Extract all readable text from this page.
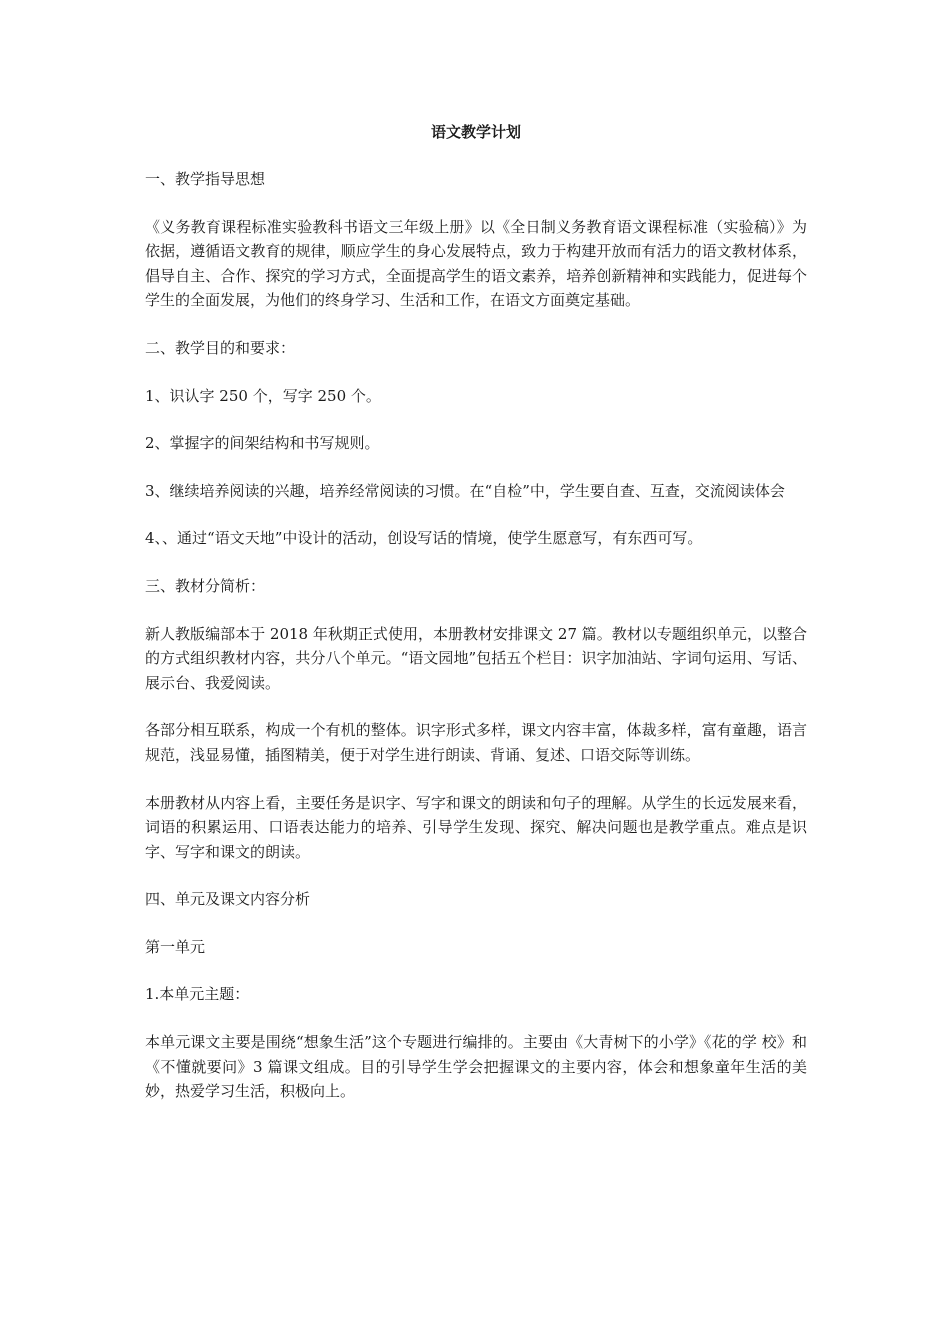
语文教学计划

一、教学指导思想

《义务教育课程标准实验教科书语文三年级上册》以《全日制义务教育语文课程标准（实验稿）》为依据，遵循语文教育的规律，顺应学生的身心发展特点，致力于构建开放而有活力的语文教材体系，倡导自主、合作、探究的学习方式，全面提高学生的语文素养，培养创新精神和实践能力，促进每个学生的全面发展，为他们的终身学习、生活和工作，在语文方面奠定基础。

二、教学目的和要求：

1、识认字 250 个，写字 250 个。

2、掌握字的间架结构和书写规则。

3、继续培养阅读的兴趣，培养经常阅读的习惯。在“自检”中，学生要自查、互查，交流阅读体会

4、、通过“语文天地”中设计的活动，创设写话的情境，使学生愿意写，有东西可写。

三、教材分简析：

新人教版编部本于 2018 年秋期正式使用，本册教材安排课文 27 篇。教材以专题组织单元，以整合的方式组织教材内容，共分八个单元。“语文园地”包括五个栏目：识字加油站、字词句运用、写话、展示台、我爱阅读。

各部分相互联系，构成一个有机的整体。识字形式多样，课文内容丰富，体裁多样，富有童趣，语言规范，浅显易懂，插图精美，便于对学生进行朗读、背诵、复述、口语交际等训练。

本册教材从内容上看，主要任务是识字、写字和课文的朗读和句子的理解。从学生的长远发展来看，词语的积累运用、口语表达能力的培养、引导学生发现、探究、解决问题也是教学重点。难点是识字、写字和课文的朗读。

四、单元及课文内容分析

第一单元

1.本单元主题：

本单元课文主要是围绕“想象生活”这个专题进行编排的。主要由《大青树下的小学》《花的学 校》和《不懂就要问》3 篇课文组成。目的引导学生学会把握课文的主要内容，体会和想象童年生活的美妙，热爱学习生活，积极向上。
